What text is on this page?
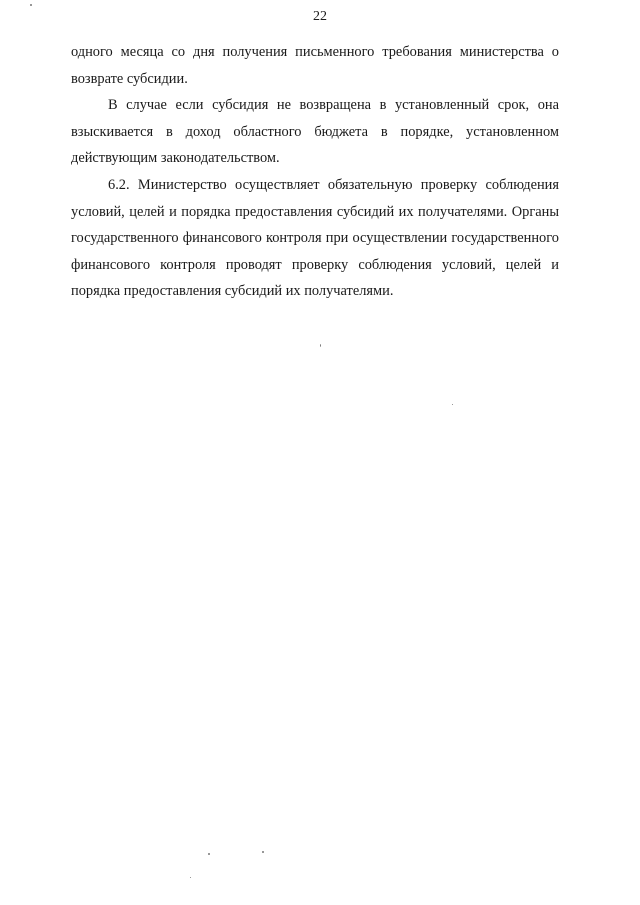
22

одного месяца со дня получения письменного требования министерства о возврате субсидии.

В случае если субсидия не возвращена в установленный срок, она взыскивается в доход областного бюджета в порядке, установленном действующим законодательством.

6.2. Министерство осуществляет обязательную проверку соблюдения условий, целей и порядка предоставления субсидий их получателями. Органы государственного финансового контроля при осуществлении государственного финансового контроля проводят проверку соблюдения условий, целей и порядка предоставления субсидий их получателями.
